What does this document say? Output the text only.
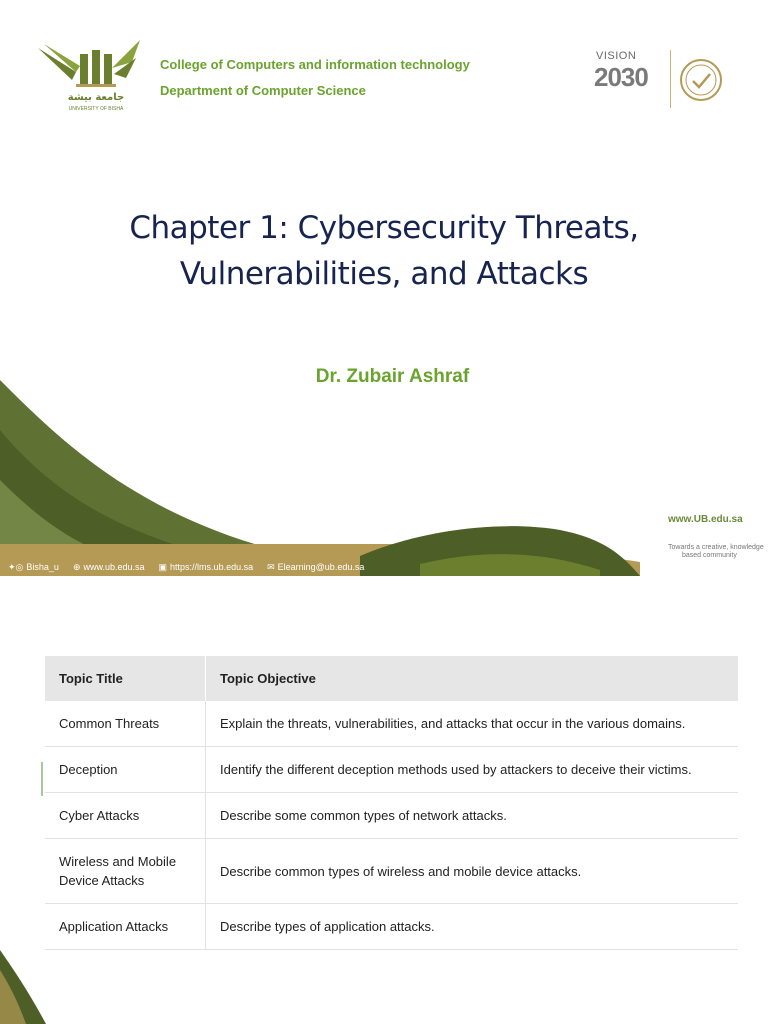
جامعة بيشة
UNIVERSITY OF BISHA
College of Computers and information technology
Department of Computer Science
VISION
2030
Chapter 1: Cybersecurity Threats,
Vulnerabilities, and Attacks
Dr. Zubair Ashraf
www.UB.edu.sa
Towards a creative, knowledge
based community
✦◎ Bisha_u ⊕ www.ub.edu.sa ▣ https://lms.ub.edu.sa ✉ Elearning@ub.edu.sa
Topic Title	Topic Objective
Common Threats	Explain the threats, vulnerabilities, and attacks that occur in the various domains.
Deception	Identify the different deception methods used by attackers to deceive their victims.
Cyber Attacks	Describe some common types of network attacks.
Wireless and Mobile Device Attacks	Describe common types of wireless and mobile device attacks.
Application Attacks	Describe types of application attacks.
